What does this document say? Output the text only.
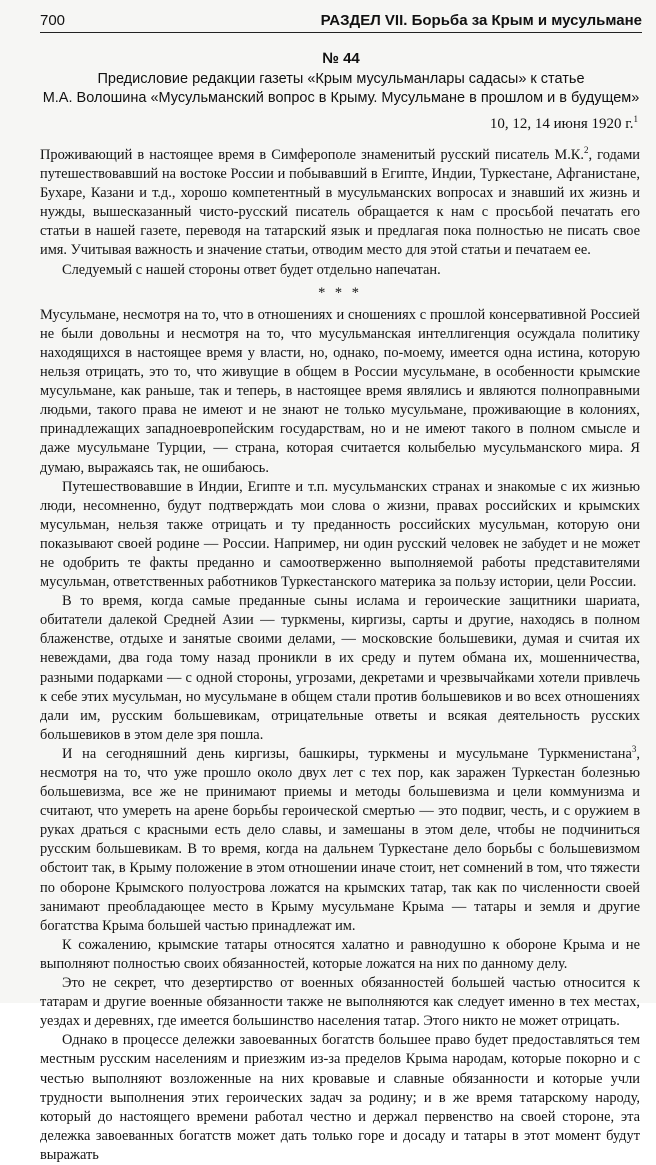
700	РАЗДЕЛ VII. Борьба за Крым и мусульмане
№ 44
Предисловие редакции газеты «Крым мусульманлары садасы» к статье
М.А. Волошина «Мусульманский вопрос в Крыму. Мусульмане в прошлом и в будущем»
10, 12, 14 июня 1920 г.$^1$

Проживающий в настоящее время в Симферополе знаменитый русский писатель М.К.$^2$, годами путешествовавший на востоке России и побывавший в Египте, Индии, Туркестане, Афганистане, Бухаре, Казани и т.д., хорошо компетентный в мусульманских вопросах и знавший их жизнь и нужды, вышесказанный чисто-русский писатель обращается к нам с просьбой печатать его статьи в нашей газете, переводя на татарский язык и предлагая пока полностью не писать свое имя. Учитывая важность и значение статьи, отводим место для этой статьи и печатаем ее.

Следуемый с нашей стороны ответ будет отдельно напечатан.

* * *

Мусульмане, несмотря на то, что в отношениях и сношениях с прошлой консервативной Россией не были довольны и несмотря на то, что мусульманская интеллигенция осуждала политику находящихся в настоящее время у власти, но, однако, по-моему, имеется одна истина, которую нельзя отрицать, это то, что живущие в общем в России мусульмане, в особенности крымские мусульмане, как раньше, так и теперь, в настоящее время являлись и являются полноправными людьми, такого права не имеют и не знают не только мусульмане, проживающие в колониях, принадлежащих западноевропейским государствам, но и не имеют такого в полном смысле и даже мусульмане Турции, — страна, которая считается колыбелью мусульманского мира. Я думаю, выражаясь так, не ошибаюсь.

Путешествовавшие в Индии, Египте и т.п. мусульманских странах и знакомые с их жизнью люди, несомненно, будут подтверждать мои слова о жизни, правах российских и крымских мусульман, нельзя также отрицать и ту преданность российских мусульман, которую они показывают своей родине — России. Например, ни один русский человек не забудет и не может не одобрить те факты преданно и самоотверженно выполняемой работы представителями мусульман, ответственных работников Туркестанского материка за пользу истории, цели России.

В то время, когда самые преданные сыны ислама и героические защитники шариата, обитатели далекой Средней Азии — туркмены, киргизы, сарты и другие, находясь в полном блаженстве, отдыхе и занятые своими делами, — московские большевики, думая и считая их невеждами, два года тому назад проникли в их среду и путем обмана их, мошенничества, разными подарками — с одной стороны, угрозами, декретами и чрезвычайками хотели привлечь к себе этих мусульман, но мусульмане в общем стали против большевиков и во всех отношениях дали им, русским большевикам, отрицательные ответы и всякая деятельность русских большевиков в этом деле зря пошла.

И на сегодняшний день киргизы, башкиры, туркмены и мусульмане Туркменистана$^3$, несмотря на то, что уже прошло около двух лет с тех пор, как заражен Туркестан болезнью большевизма, все же не принимают приемы и методы большевизма и цели коммунизма и считают, что умереть на арене борьбы героической смертью — это подвиг, честь, и с оружием в руках драться с красными есть дело славы, и замешаны в этом деле, чтобы не подчиниться русским большевикам. В то время, когда на дальнем Туркестане дело борьбы с большевизмом обстоит так, в Крыму положение в этом отношении иначе стоит, нет сомнений в том, что тяжести по обороне Крымского полуострова ложатся на крымских татар, так как по численности своей занимают преобладающее место в Крыму мусульмане Крыма — татары и земля и другие богатства Крыма большей частью принадлежат им.

К сожалению, крымские татары относятся халатно и равнодушно к обороне Крыма и не выполняют полностью своих обязанностей, которые ложатся на них по данному делу.

Это не секрет, что дезертирство от военных обязанностей большей частью относится к татарам и другие военные обязанности также не выполняются как следует именно в тех местах, уездах и деревнях, где имеется большинство населения татар. Этого никто не может отрицать.

Однако в процессе дележки завоеванных богатств большее право будет предоставляться тем местным русским населениям и приезжим из-за пределов Крыма народам, которые покорно и с честью выполняют возложенные на них кровавые и славные обязанности и которые учли трудности выполнения этих героических задач за родину; и в же время татарскому народу, который до настоящего времени работал честно и держал первенство на своей стороне, эта дележка завоеванных богатств может дать только горе и досаду и татары в этот момент будут выражать
